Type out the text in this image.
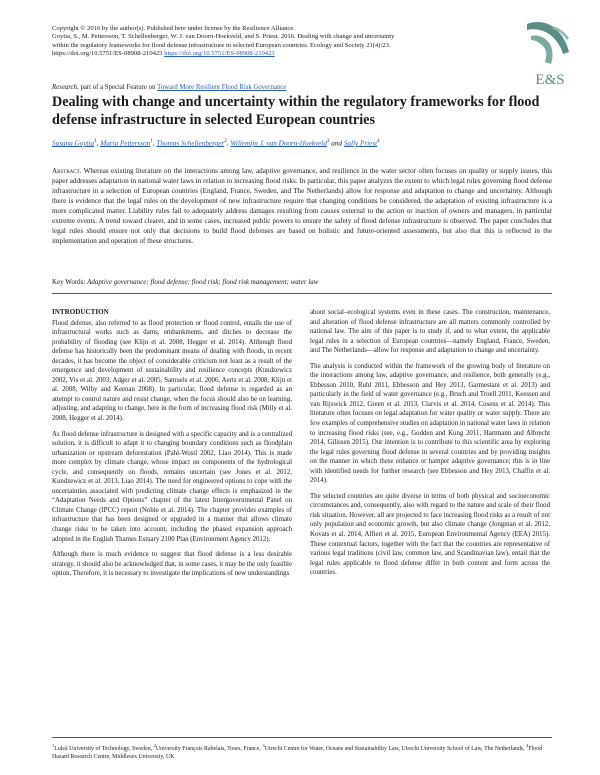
Copyright © 2016 by the author(s). Published here under license by the Resilience Alliance.
Goytia, S., M. Pettersson, T. Schellenberger, W. J. van Doorn-Hoekveld, and S. Priest. 2016. Dealing with change and uncertainty
within the regulatory frameworks for flood defense infrastructure in selected European countries. Ecology and Society 21(4):23.
https://doi.org/10.5751/ES-08908-210423 https://doi.org/10.5751/ES-08908-210423
E&S
Research, part of a Special Feature on Toward More Resilient Flood Risk Governance
Dealing with change and uncertainty within the regulatory frameworks for flood defense infrastructure in selected European countries
Susana Goytia$^1$, Maria Pettersson$^1$, Thomas Schellenberger$^2$, Willemijn J. van Doorn-Hoekveld$^3$ and Sally Priest$^4$

Abstract. Whereas existing literature on the interactions among law, adaptive governance, and resilience in the water sector often focuses on quality or supply issues, this paper addresses adaptation in national water laws in relation to increasing flood risks. In particular, this paper analyzes the extent to which legal rules governing flood defense infrastructure in a selection of European countries (England, France, Sweden, and The Netherlands) allow for response and adaptation to change and uncertainty. Although there is evidence that the legal rules on the development of new infrastructure require that changing conditions be considered, the adaptation of existing infrastructure is a more complicated matter. Liability rules fail to adequately address damages resulting from causes external to the action or inaction of owners and managers, in particular extreme events. A trend toward clearer, and in some cases, increased public powers to ensure the safety of flood defense infrastructure is observed. The paper concludes that legal rules should ensure not only that decisions to build flood defenses are based on holistic and future-oriented assessments, but also that this is reflected in the implementation and operation of these structures.

Key Words: Adaptive governance; flood defense; flood risk; flood risk management; water law
INTRODUCTION

Flood defense, also referred to as flood protection or flood control, entails the use of infrastructural works such as dams, embankments, and ditches to decrease the probability of flooding (see Klijn et al. 2008, Hegger et al. 2014). Although flood defense has historically been the predominant means of dealing with floods, in recent decades, it has become the object of considerable criticism not least as a result of the emergence and development of sustainability and resilience concepts (Kundzewicz 2002, Vis et al. 2003, Adger et al. 2005, Samuels et al. 2006, Aerts et al. 2008, Klijn et al. 2008, Wilby and Keenan 2008). In particular, flood defense is regarded as an attempt to control nature and resist change, when the focus should also be on learning, adjusting, and adapting to change, here in the form of increasing flood risk (Milly et al. 2008, Hegger et al. 2014).

As flood defense infrastructure is designed with a specific capacity and is a centralized solution, it is difficult to adapt it to changing boundary conditions such as floodplain urbanization or upstream deforestation (Pahl-Wostl 2002, Liao 2014). This is made more complex by climate change, whose impact on components of the hydrological cycle, and consequently on floods, remains uncertain (see Jones et al. 2012, Kundzewicz et al. 2013, Liao 2014). The need for engineered options to cope with the uncertainties associated with predicting climate change effects is emphasized in the “Adaptation Needs and Options” chapter of the latest Intergovernmental Panel on Climate Change (IPCC) report (Noble et al. 2014). The chapter provides examples of infrastructure that has been designed or upgraded in a manner that allows climate change risks to be taken into account, including the phased expansion approach adopted in the English Thames Estuary 2100 Plan (Environment Agency 2012).

Although there is much evidence to suggest that flood defense is a less desirable strategy, it should also be acknowledged that, in some cases, it may be the only feasible option. Therefore, it is necessary to investigate the implications of new understandings

about social–ecological systems even in these cases. The construction, maintenance, and alteration of flood defense infrastructure are all matters commonly controlled by national law. The aim of this paper is to study if, and to what extent, the applicable legal rules in a selection of European countries—namely England, France, Sweden, and The Netherlands—allow for response and adaptation to change and uncertainty.

The analysis is conducted within the framework of the growing body of literature on the interactions among law, adaptive governance, and resilience, both generally (e.g., Ebbesson 2010, Ruhl 2011, Ebbesson and Hey 2013, Garmestani et al. 2013) and particularly in the field of water governance (e.g., Bruch and Troell 2011, Keessen and van Rijswick 2012, Green et al. 2013, Clarvis et al. 2014, Cosens et al. 2014). This literature often focuses on legal adaptation for water quality or water supply. There are few examples of comprehensive studies on adaptation in national water laws in relation to increasing flood risks (see, e.g., Godden and Kung 2011, Hartmann and Albrecht 2014, Gilissen 2015). Our intention is to contribute to this scientific area by exploring the legal rules governing flood defense in several countries and by providing insights on the manner in which these enhance or hamper adaptive governance; this is in line with identified needs for further research (see Ebbesson and Hey 2013, Chaffin et al. 2014).

The selected countries are quite diverse in terms of both physical and socioeconomic circumstances and, consequently, also with regard to the nature and scale of their flood risk situation. However, all are projected to face increasing flood risks as a result of not only population and economic growth, but also climate change (Jongman et al. 2012, Kovats et al. 2014, Alfieri et al. 2015, European Environmental Agency (EEA) 2015). These contextual factors, together with the fact that the countries are representative of various legal traditions (civil law, common law, and Scandinavian law), entail that the legal rules applicable to flood defense differ in both content and form across the countries.

$^1$Luleå University of Technology, Sweden, $^2$University François Rabelais, Tours, France, $^3$Utrecht Centre for Water, Oceans and Sustainability Law, Utrecht University School of Law, The Netherlands, $^4$Flood Hazard Research Centre, Middlesex University, UK
